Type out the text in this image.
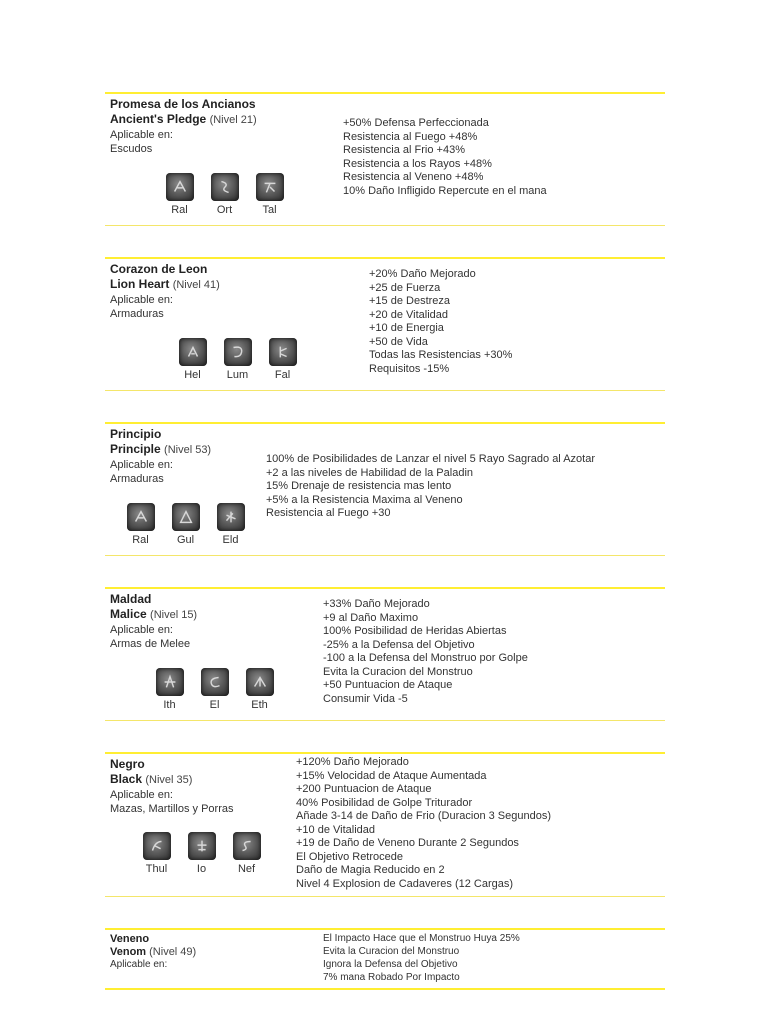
Promesa de los Ancianos
Ancient's Pledge (Nivel 21)
Aplicable en:
Escudos
Ral	Ort	Tal
+50% Defensa Perfeccionada
Resistencia al Fuego +48%
Resistencia al Frio +43%
Resistencia a los Rayos +48%
Resistencia al Veneno +48%
10% Daño Infligido Repercute en el mana
Corazon de Leon
Lion Heart (Nivel 41)
Aplicable en:
Armaduras
Hel	Lum	Fal
+20% Daño Mejorado
+25 de Fuerza
+15 de Destreza
+20 de Vitalidad
+10 de Energia
+50 de Vida
Todas las Resistencias +30%
Requisitos -15%
Principio
Principle (Nivel 53)
Aplicable en:
Armaduras
Ral	Gul	Eld
100% de Posibilidades de Lanzar el nivel 5 Rayo Sagrado al Azotar
+2 a las niveles de Habilidad de la Paladin
15% Drenaje de resistencia mas lento
+5% a la Resistencia Maxima al Veneno
Resistencia al Fuego +30
Maldad
Malice (Nivel 15)
Aplicable en:
Armas de Melee
Ith	El	Eth
+33% Daño Mejorado
+9 al Daño Maximo
100% Posibilidad de Heridas Abiertas
-25% a la Defensa del Objetivo
-100 a la Defensa del Monstruo por Golpe
Evita la Curacion del Monstruo
+50 Puntuacion de Ataque
Consumir Vida -5
Negro
Black (Nivel 35)
Aplicable en:
Mazas, Martillos y Porras
Thul	Io	Nef
+120% Daño Mejorado
+15% Velocidad de Ataque Aumentada
+200 Puntuacion de Ataque
40% Posibilidad de Golpe Triturador
Añade 3-14 de Daño de Frio (Duracion 3 Segundos)
+10 de Vitalidad
+19 de Daño de Veneno Durante 2 Segundos
El Objetivo Retrocede
Daño de Magia Reducido en 2
Nivel 4 Explosion de Cadaveres (12 Cargas)
Veneno
Venom (Nivel 49)
Aplicable en:
El Impacto Hace que el Monstruo Huya 25%
Evita la Curacion del Monstruo
Ignora la Defensa del Objetivo
7% mana Robado Por Impacto
